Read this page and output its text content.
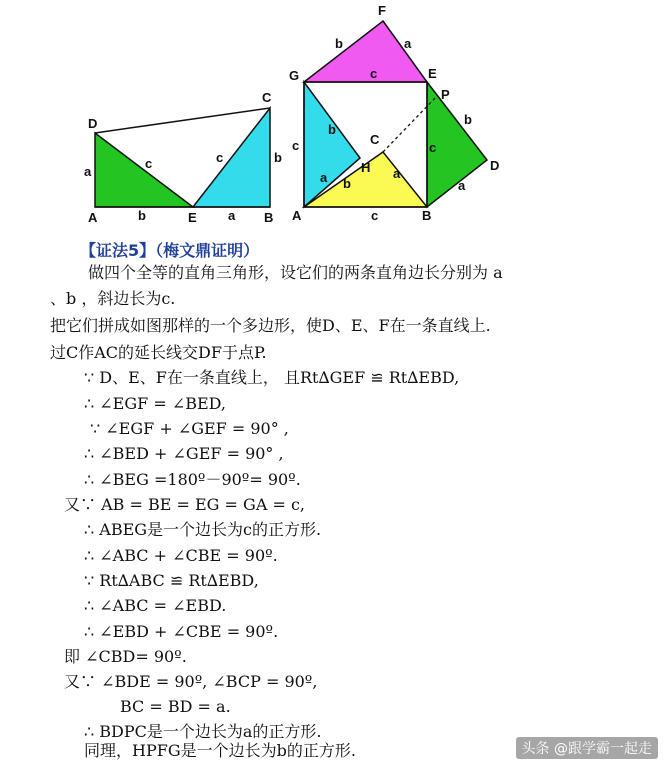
D
C
A	E	B
a
b
c	c	b
a
F
G	E
P
C
H	D
A	B
b	a
c
c
b
c
b
a
a b
a
c
【证法5】（梅文鼎证明）
做四个全等的直角三角形，设它们的两条直角边长分别为 a
、b ，斜边长为c.
把它们拼成如图那样的一个多边形，使D、E、F在一条直线上.
过C作AC的延长线交DF于点P.
∵ D、E、F在一条直线上， 且Rt∆GEF ≌ Rt∆EBD,
∴ ∠EGF = ∠BED,
∵ ∠EGF + ∠GEF = 90° ,
∴ ∠BED + ∠GEF = 90° ,
∴ ∠BEG =180º－90º= 90º.
又∵ AB = BE = EG = GA = c,
∴ ABEG是一个边长为c的正方形.
∴ ∠ABC + ∠CBE = 90º.
∵ Rt∆ABC ≌ Rt∆EBD,
∴ ∠ABC = ∠EBD.
∴ ∠EBD + ∠CBE = 90º.
即 ∠CBD= 90º.
又∵ ∠BDE = 90º, ∠BCP = 90º,
BC = BD = a.
∴ BDPC是一个边长为a的正方形.
同理，HPFG是一个边长为b的正方形.	头条 @跟学霸一起走
